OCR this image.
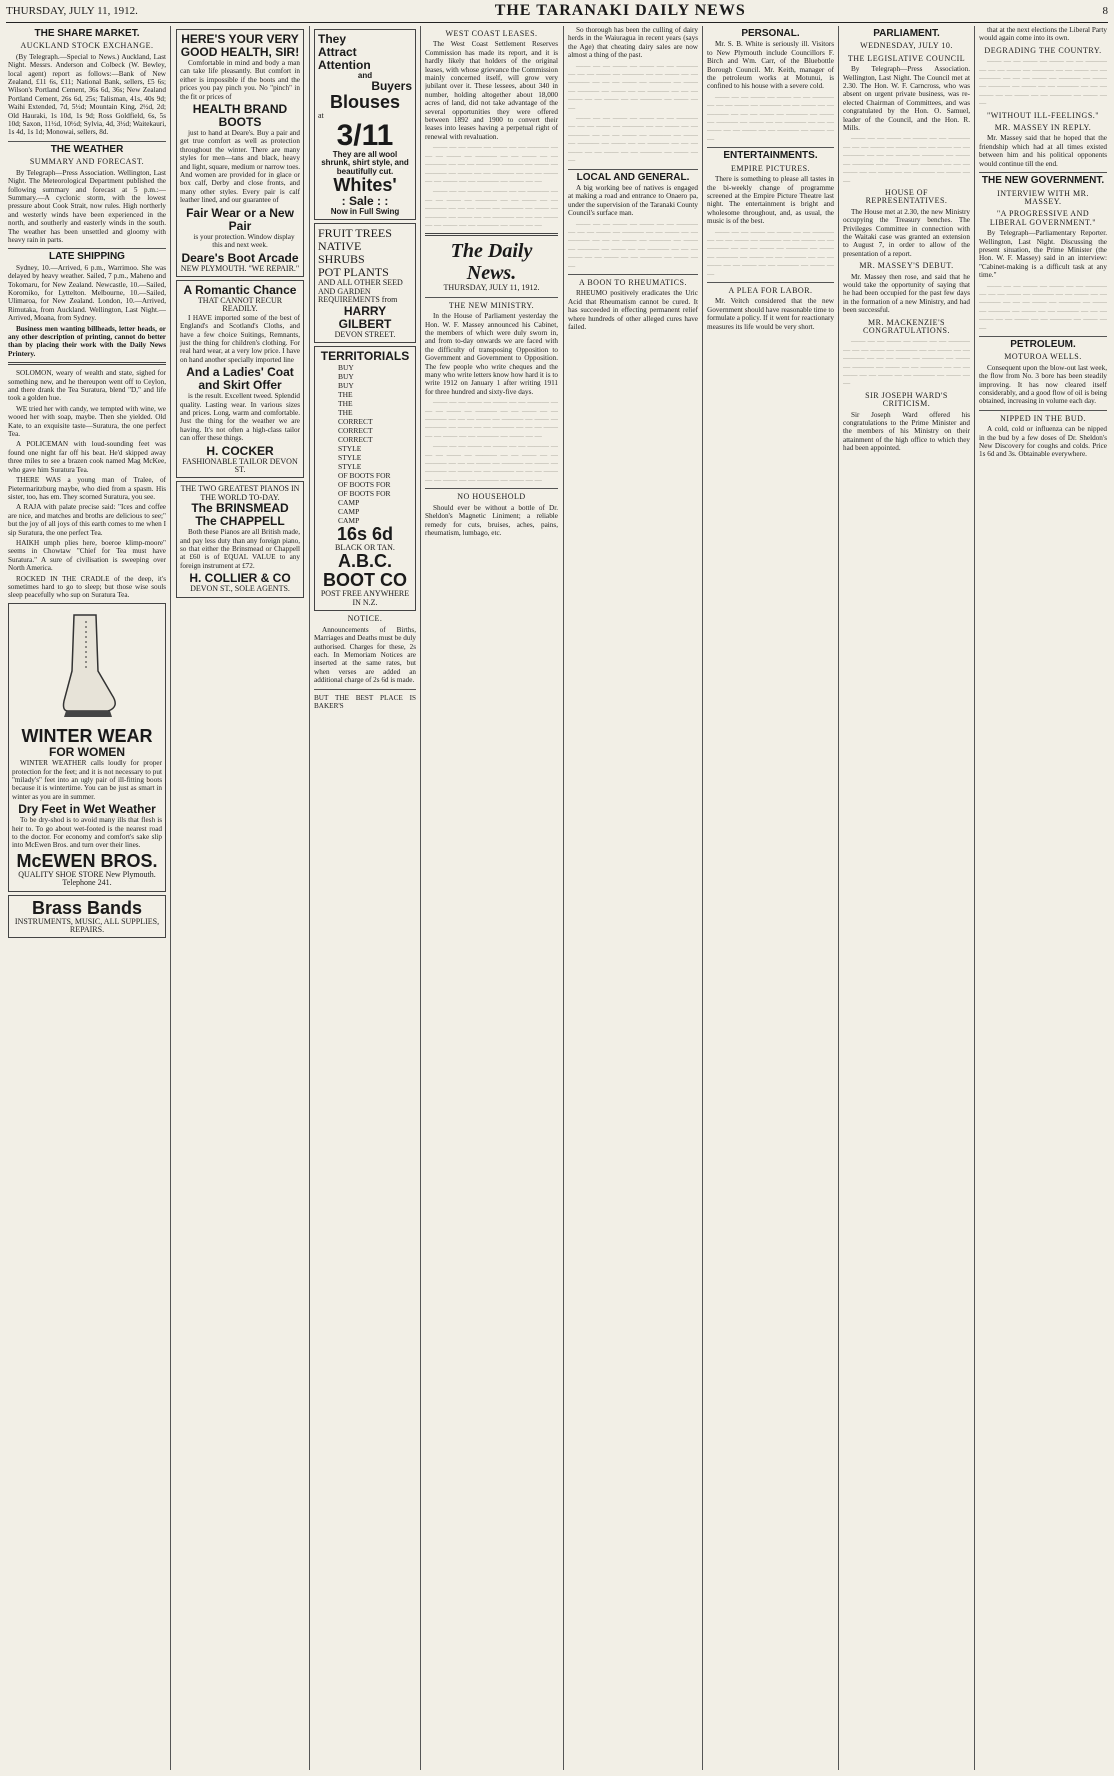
THURSDAY, JULY 11, 1912.	THE TARANAKI DAILY NEWS	8
THE SHARE MARKET.
AUCKLAND STOCK EXCHANGE.

(By Telegraph.—Special to News.) Auckland, Last Night. Messrs. Anderson and Colbeck (W. Bewley, local agent) report as follows:—Bank of New Zealand, £11 6s, £11; National Bank, sellers, £5 6s; Wilson's Portland Cement, 36s 6d, 36s; New Zealand Portland Cement, 26s 6d, 25s; Talisman, 41s, 40s 9d; Waihi Extended, 7d, 5½d; Mountain King, 2½d, 2d; Old Hauraki, 1s 10d, 1s 9d; Ross Goldfield, 6s, 5s 10d; Saxon, 11½d, 10½d; Sylvia, 4d, 3½d; Waitekauri, 1s 4d, 1s 1d; Monowai, sellers, 8d.

THE WEATHER
SUMMARY AND FORECAST.

By Telegraph—Press Association. Wellington, Last Night. The Meteorological Department published the following summary and forecast at 5 p.m.:—Summary.—A cyclonic storm, with the lowest pressure about Cook Strait, now rules. High northerly and westerly winds have been experienced in the north, and southerly and easterly winds in the south. The weather has been unsettled and gloomy with heavy rain in parts.

LATE SHIPPING

Sydney, 10.—Arrived, 6 p.m., Warrimoo. She was delayed by heavy weather. Sailed, 7 p.m., Maheno and Tokomaru, for New Zealand. Newcastle, 10.—Sailed, Koromiko, for Lyttelton. Melbourne, 10.—Sailed, Ulimaroa, for New Zealand. London, 10.—Arrived, Rimutaka, from Auckland. Wellington, Last Night.—Arrived, Moana, from Sydney.

Business men wanting billheads, letter heads, or any other description of printing, cannot do better than by placing their work with the Daily News Printery.

SOLOMON, weary of wealth and state, sighed for something new, and he thereupon went off to Ceylon, and there drank the Tea Suratura, blend "D," and life took a golden hue.

WE tried her with candy, we tempted with wine, we wooed her with soap, maybe. Then she yielded. Old Kate, to an exquisite taste—Suratura, the one perfect Tea.

A POLICEMAN with loud-sounding feet was found one night far off his beat. He'd skipped away three miles to see a brazen cook named Mag McKee, who gave him Suratura Tea.

THERE WAS a young man of Tralee, of Pietermaritzburg maybe, who died from a spasm. His sister, too, has em. They scorned Suratura, you see.

A RAJA with palate precise said: "Ices and coffee are nice, and matches and broths are delicious to see;" but the joy of all joys of this earth comes to me when I sip Suratura, the one perfect Tea.

HAIKH umph plies here, boeroe klimp-moore" seems in Chowtaw "Chief for Tea must have Suratura." A sure of civilisation is sweeping over North America.

ROCKED IN THE CRADLE of the deep, it's sometimes hard to go to sleep; but those wise souls sleep peacefully who sup on Suratura Tea.

WINTER WEAR
FOR WOMEN

WINTER WEATHER calls loudly for proper protection for the feet; and it is not necessary to put "milady's" feet into an ugly pair of ill-fitting boots because it is wintertime. You can be just as smart in winter as you are in summer.

Dry Feet in Wet Weather

To be dry-shod is to avoid many ills that flesh is heir to. To go about wet-footed is the nearest road to the doctor. For economy and comfort's sake slip into McEwen Bros. and turn over their lines.

McEWEN BROS.
QUALITY SHOE STORE New Plymouth. Telephone 241.
Brass Bands
INSTRUMENTS, MUSIC, ALL SUPPLIES, REPAIRS.
HERE'S YOUR VERY GOOD HEALTH, SIR!

Comfortable in mind and body a man can take life pleasantly. But comfort in either is impossible if the boots and the prices you pay pinch you. No "pinch" in the fit or prices of

HEALTH BRAND BOOTS

just to hand at Deare's. Buy a pair and get true comfort as well as protection throughout the winter. There are many styles for men—tans and black, heavy and light, square, medium or narrow toes. And women are provided for in glace or box calf, Derby and close fronts, and many other styles. Every pair is calf leather lined, and our guarantee of

Fair Wear or a New Pair

is your protection. Window display this and next week.

Deare's Boot Arcade
NEW PLYMOUTH. "WE REPAIR."
A Romantic Chance
THAT CANNOT RECUR READILY.

I HAVE imported some of the best of England's and Scotland's Cloths, and have a few choice Suitings, Remnants, just the thing for children's clothing. For real hard wear, at a very low price. I have on hand another specially imported line

And a Ladies' Coat and Skirt Offer

is the result. Excellent tweed. Splendid quality. Lasting wear. In various sizes and prices. Long, warm and comfortable. Just the thing for the weather we are having. It's not often a high-class tailor can offer these things.

H. COCKER
FASHIONABLE TAILOR DEVON ST.
THE TWO GREATEST PIANOS IN THE WORLD TO-DAY.
The BRINSMEAD
The CHAPPELL

Both these Pianos are all British made, and pay less duty than any foreign piano, so that either the Brinsmead or Chappell at £60 is of EQUAL VALUE to any foreign instrument at £72.

H. COLLIER & CO
DEVON ST., SOLE AGENTS.
They
Attract
Attention
and
Buyers
Blouses
at
3/11
They are all wool shrunk, shirt style, and beautifully cut.
Whites'
: Sale : :
Now in Full Swing
FRUIT TREES
NATIVE
SHRUBS
POT PLANTS
AND ALL OTHER SEED AND GARDEN REQUIREMENTS from
HARRY GILBERT
DEVON STREET.
TERRITORIALS
BUY
BUY
BUY
THE
THE
THE
CORRECT
CORRECT
CORRECT
STYLE
STYLE
STYLE
OF BOOTS FOR
OF BOOTS FOR
OF BOOTS FOR
CAMP
CAMP
CAMP
16s 6d
BLACK OR TAN.
A.B.C. BOOT CO
POST FREE ANYWHERE IN N.Z.
NOTICE.

Announcements of Births, Marriages and Deaths must be duly authorised. Charges for these, 2s each. In Memoriam Notices are inserted at the same rates, but when verses are added an additional charge of 2s 6d is made.

BUT THE BEST PLACE IS BAKER'S

WEST COAST LEASES.

The West Coast Settlement Reserves Commission has made its report, and it is hardly likely that holders of the original leases, with whose grievance the Commission mainly concerned itself, will grow very jubilant over it. These lessees, about 340 in number, holding altogether about 18,000 acres of land, did not take advantage of the several opportunities they were offered between 1892 and 1900 to convert their leases into leases having a perpetual right of renewal with revaluation.

—— — — —— — —— — — ——— — — — —— — ——— — — —— — — ——— — — — —— — ——— — —— — ——— — —— — — ——— — — — —— — — —— — — ——— — —— — —

—— — — —— — —— — — ——— — — — —— — ——— — — —— — — ——— — — — —— — ——— — —— — ——— — —— — — ——— — — — —— — — —— — — ——— — —— — —

The Daily News.
THURSDAY, JULY 11, 1912.
THE NEW MINISTRY.

In the House of Parliament yesterday the Hon. W. F. Massey announced his Cabinet, the members of which were duly sworn in, and from to-day onwards we are faced with the difficulty of transposing Opposition to Government and Government to Opposition. The few people who write cheques and the many who write letters know how hard it is to write 1912 on January 1 after writing 1911 for three hundred and sixty-five days.

—— — — —— — —— — — ——— — — — —— — ——— — — —— — — ——— — — — —— — ——— — —— — ——— — —— — — ——— — — — —— — — —— — — ——— — —— — —

—— — — —— — —— — — ——— — — — —— — ——— — — —— — — ——— — — — —— — ——— — —— — ——— — —— — — ——— — — — —— — — —— — — ——— — —— — —

NO HOUSEHOLD

Should ever be without a bottle of Dr. Sheldon's Magnetic Liniment; a reliable remedy for cuts, bruises, aches, pains, rheumatism, lumbago, etc.

So thorough has been the culling of dairy herds in the Waiuragua in recent years (says the Age) that cheating dairy sales are now almost a thing of the past.

—— — — —— — —— — — ——— — — — —— — ——— — — —— — — ——— — — — —— — ——— — —— — ——— — —— — — ——— — — — —— — — —— — — ——— — —— — —

—— — — —— — —— — — ——— — — — —— — ——— — — —— — — ——— — — — —— — ——— — —— — ——— — —— — — ——— — — — —— — — —— — — ——— — —— — —

LOCAL AND GENERAL.

A big working bee of natives is engaged at making a road and entrance to Onaero pa, under the supervision of the Taranaki County Council's surface man.

—— — — —— — —— — — ——— — — — —— — ——— — — —— — — ——— — — — —— — ——— — —— — ——— — —— — — ——— — — — —— — — —— — — ——— — —— — —

A BOON TO RHEUMATICS.

RHEUMO positively eradicates the Uric Acid that Rheumatism cannot be cured. It has succeeded in effecting permanent relief where hundreds of other alleged cures have failed.

PERSONAL.

Mr. S. B. White is seriously ill. Visitors to New Plymouth include Councillors F. Birch and Wm. Carr, of the Bluebottle Borough Council. Mr. Keith, manager of the petroleum works at Motunui, is confined to his house with a severe cold.

—— — — —— — —— — — ——— — — — —— — ——— — — —— — — ——— — — — —— — ——— — —— — ——— — —— — — ——— — — — —— — — —— — — ——— — —— — —

ENTERTAINMENTS.
EMPIRE PICTURES.

There is something to please all tastes in the bi-weekly change of programme screened at the Empire Picture Theatre last night. The entertainment is bright and wholesome throughout, and, as usual, the music is of the best.

—— — — —— — —— — — ——— — — — —— — ——— — — —— — — ——— — — — —— — ——— — —— — ——— — —— — — ——— — — — —— — — —— — — ——— — —— — —

A PLEA FOR LABOR.

Mr. Veitch considered that the new Government should have reasonable time to formulate a policy. If it went for reactionary measures its life would be very short.

PARLIAMENT.
WEDNESDAY, JULY 10.
THE LEGISLATIVE COUNCIL

By Telegraph—Press Association. Wellington, Last Night. The Council met at 2.30. The Hon. W. F. Carncross, who was absent on urgent private business, was re-elected Chairman of Committees, and was congratulated by the Hon. O. Samuel, leader of the Council, and the Hon. R. Mills.

—— — — —— — —— — — ——— — — — —— — ——— — — —— — — ——— — — — —— — ——— — —— — ——— — —— — — ——— — — — —— — — —— — — ——— — —— — —

HOUSE OF REPRESENTATIVES.

The House met at 2.30, the new Ministry occupying the Treasury benches. The Privileges Committee in connection with the Waitaki case was granted an extension to August 7, in order to allow of the presentation of a report.

MR. MASSEY'S DEBUT.

Mr. Massey then rose, and said that he would take the opportunity of saying that he had been occupied for the past few days in the formation of a new Ministry, and had been successful.

MR. MACKENZIE'S CONGRATULATIONS.

—— — — —— — —— — — ——— — — — —— — ——— — — —— — — ——— — — — —— — ——— — —— — ——— — —— — — ——— — — — —— — — —— — — ——— — —— — —

SIR JOSEPH WARD'S CRITICISM.

Sir Joseph Ward offered his congratulations to the Prime Minister and the members of his Ministry on their attainment of the high office to which they had been appointed.

that at the next elections the Liberal Party would again come into its own.

DEGRADING THE COUNTRY.

—— — — —— — —— — — ——— — — — —— — ——— — — —— — — ——— — — — —— — ——— — —— — ——— — —— — — ——— — — — —— — — —— — — ——— — —— — —

"WITHOUT ILL-FEELINGS."
MR. MASSEY IN REPLY.

Mr. Massey said that he hoped that the friendship which had at all times existed between him and his political opponents would continue till the end.

THE NEW GOVERNMENT.
INTERVIEW WITH MR. MASSEY.
"A PROGRESSIVE AND LIBERAL GOVERNMENT."

By Telegraph—Parliamentary Reporter. Wellington, Last Night. Discussing the present situation, the Prime Minister (the Hon. W. F. Massey) said in an interview: "Cabinet-making is a difficult task at any time."

—— — — —— — —— — — ——— — — — —— — ——— — — —— — — ——— — — — —— — ——— — —— — ——— — —— — — ——— — — — —— — — —— — — ——— — —— — —

PETROLEUM.
MOTUROA WELLS.

Consequent upon the blow-out last week, the flow from No. 3 bore has been steadily improving. It has now cleared itself considerably, and a good flow of oil is being obtained, increasing in volume each day.

NIPPED IN THE BUD.

A cold, cold or influenza can be nipped in the bud by a few doses of Dr. Sheldon's New Discovery for coughs and colds. Price 1s 6d and 3s. Obtainable everywhere.
